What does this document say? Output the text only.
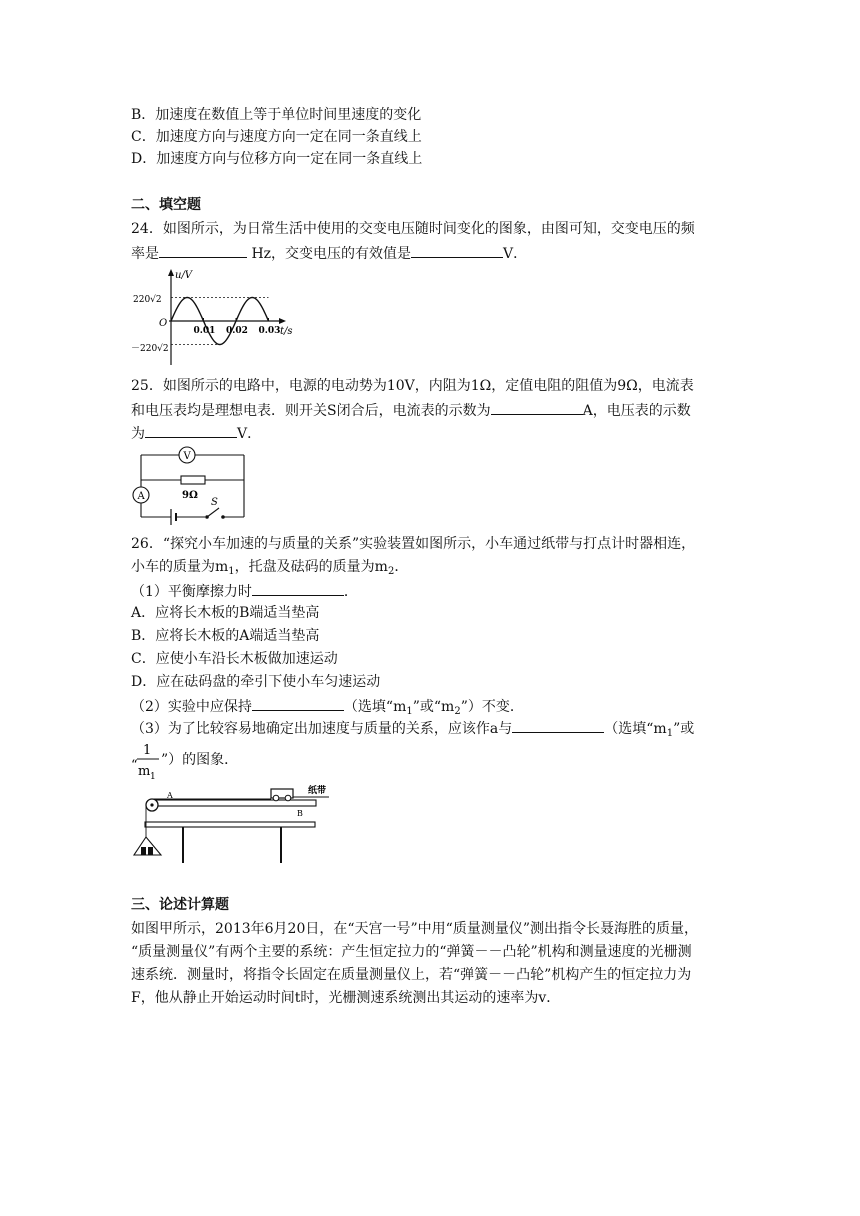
B．加速度在数值上等于单位时间里速度的变化
C．加速度方向与速度方向一定在同一条直线上
D．加速度方向与位移方向一定在同一条直线上
二、填空题
24．如图所示，为日常生活中使用的交变电压随时间变化的图象，由图可知，交变电压的频
率是	Hz，交变电压的有效值是	V．
u/V
t/s
O
220√2
－220√2
0.01 0.02 0.03
25．如图所示的电路中，电源的电动势为10V，内阻为1Ω，定值电阻的阻值为9Ω，电流表
和电压表均是理想电表．则开关S闭合后，电流表的示数为	A，电压表的示数
为	V．
V
A	9Ω
S
26．“探究小车加速的与质量的关系”实验装置如图所示，小车通过纸带与打点计时器相连，
小车的质量为$m_1$，托盘及砝码的质量为$m_2$．
（1）平衡摩擦力时	．
A．应将长木板的B端适当垫高
B．应将长木板的A端适当垫高
C．应使小车沿长木板做加速运动
D．应在砝码盘的牵引下使小车匀速运动
（2）实验中应保持	（选填“$m_1$”或“$m_2$”）不变．
（3）为了比较容易地确定出加速度与质量的关系，应该作a与	（选填“$m_1$”或
“
1
m 1
”）的图象．
纸带
A
B
三、论述计算题
如图甲所示，2013年6月20日，在“天宫一号”中用“质量测量仪”测出指令长聂海胜的质量，
“质量测量仪”有两个主要的系统：产生恒定拉力的“弹簧－－凸轮”机构和测量速度的光栅测
速系统．测量时，将指令长固定在质量测量仪上，若“弹簧－－凸轮”机构产生的恒定拉力为
F，他从静止开始运动时间t时，光栅测速系统测出其运动的速率为v．
